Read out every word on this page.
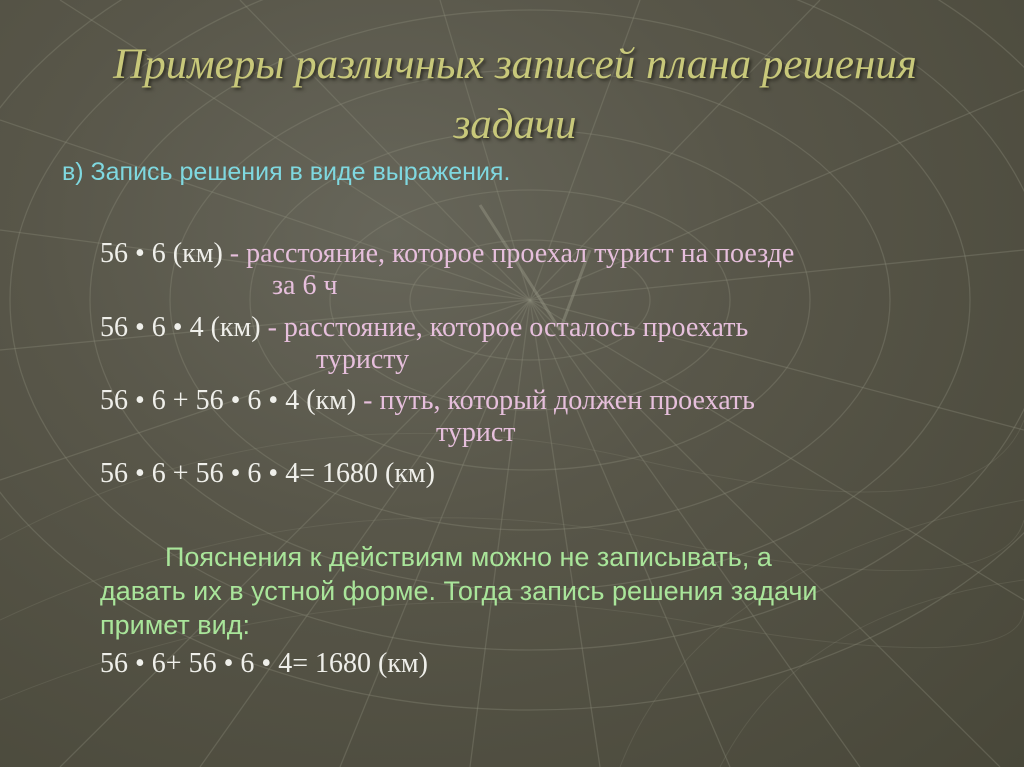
Примеры различных записей плана решения
задачи
в) Запись решения в виде выражения.
56 • 6 (км) - расстояние, которое проехал турист на поезде
за 6 ч
56 • 6 • 4 (км) - расстояние, которое осталось проехать
туристу
56 • 6 + 56 • 6 • 4 (км) - путь, который должен проехать
турист
56 • 6 + 56 • 6 • 4= 1680 (км)
Пояснения к действиям можно не записывать, а
давать их в устной форме. Тогда запись решения задачи
примет вид:
56 • 6+ 56 • 6 • 4= 1680 (км)
